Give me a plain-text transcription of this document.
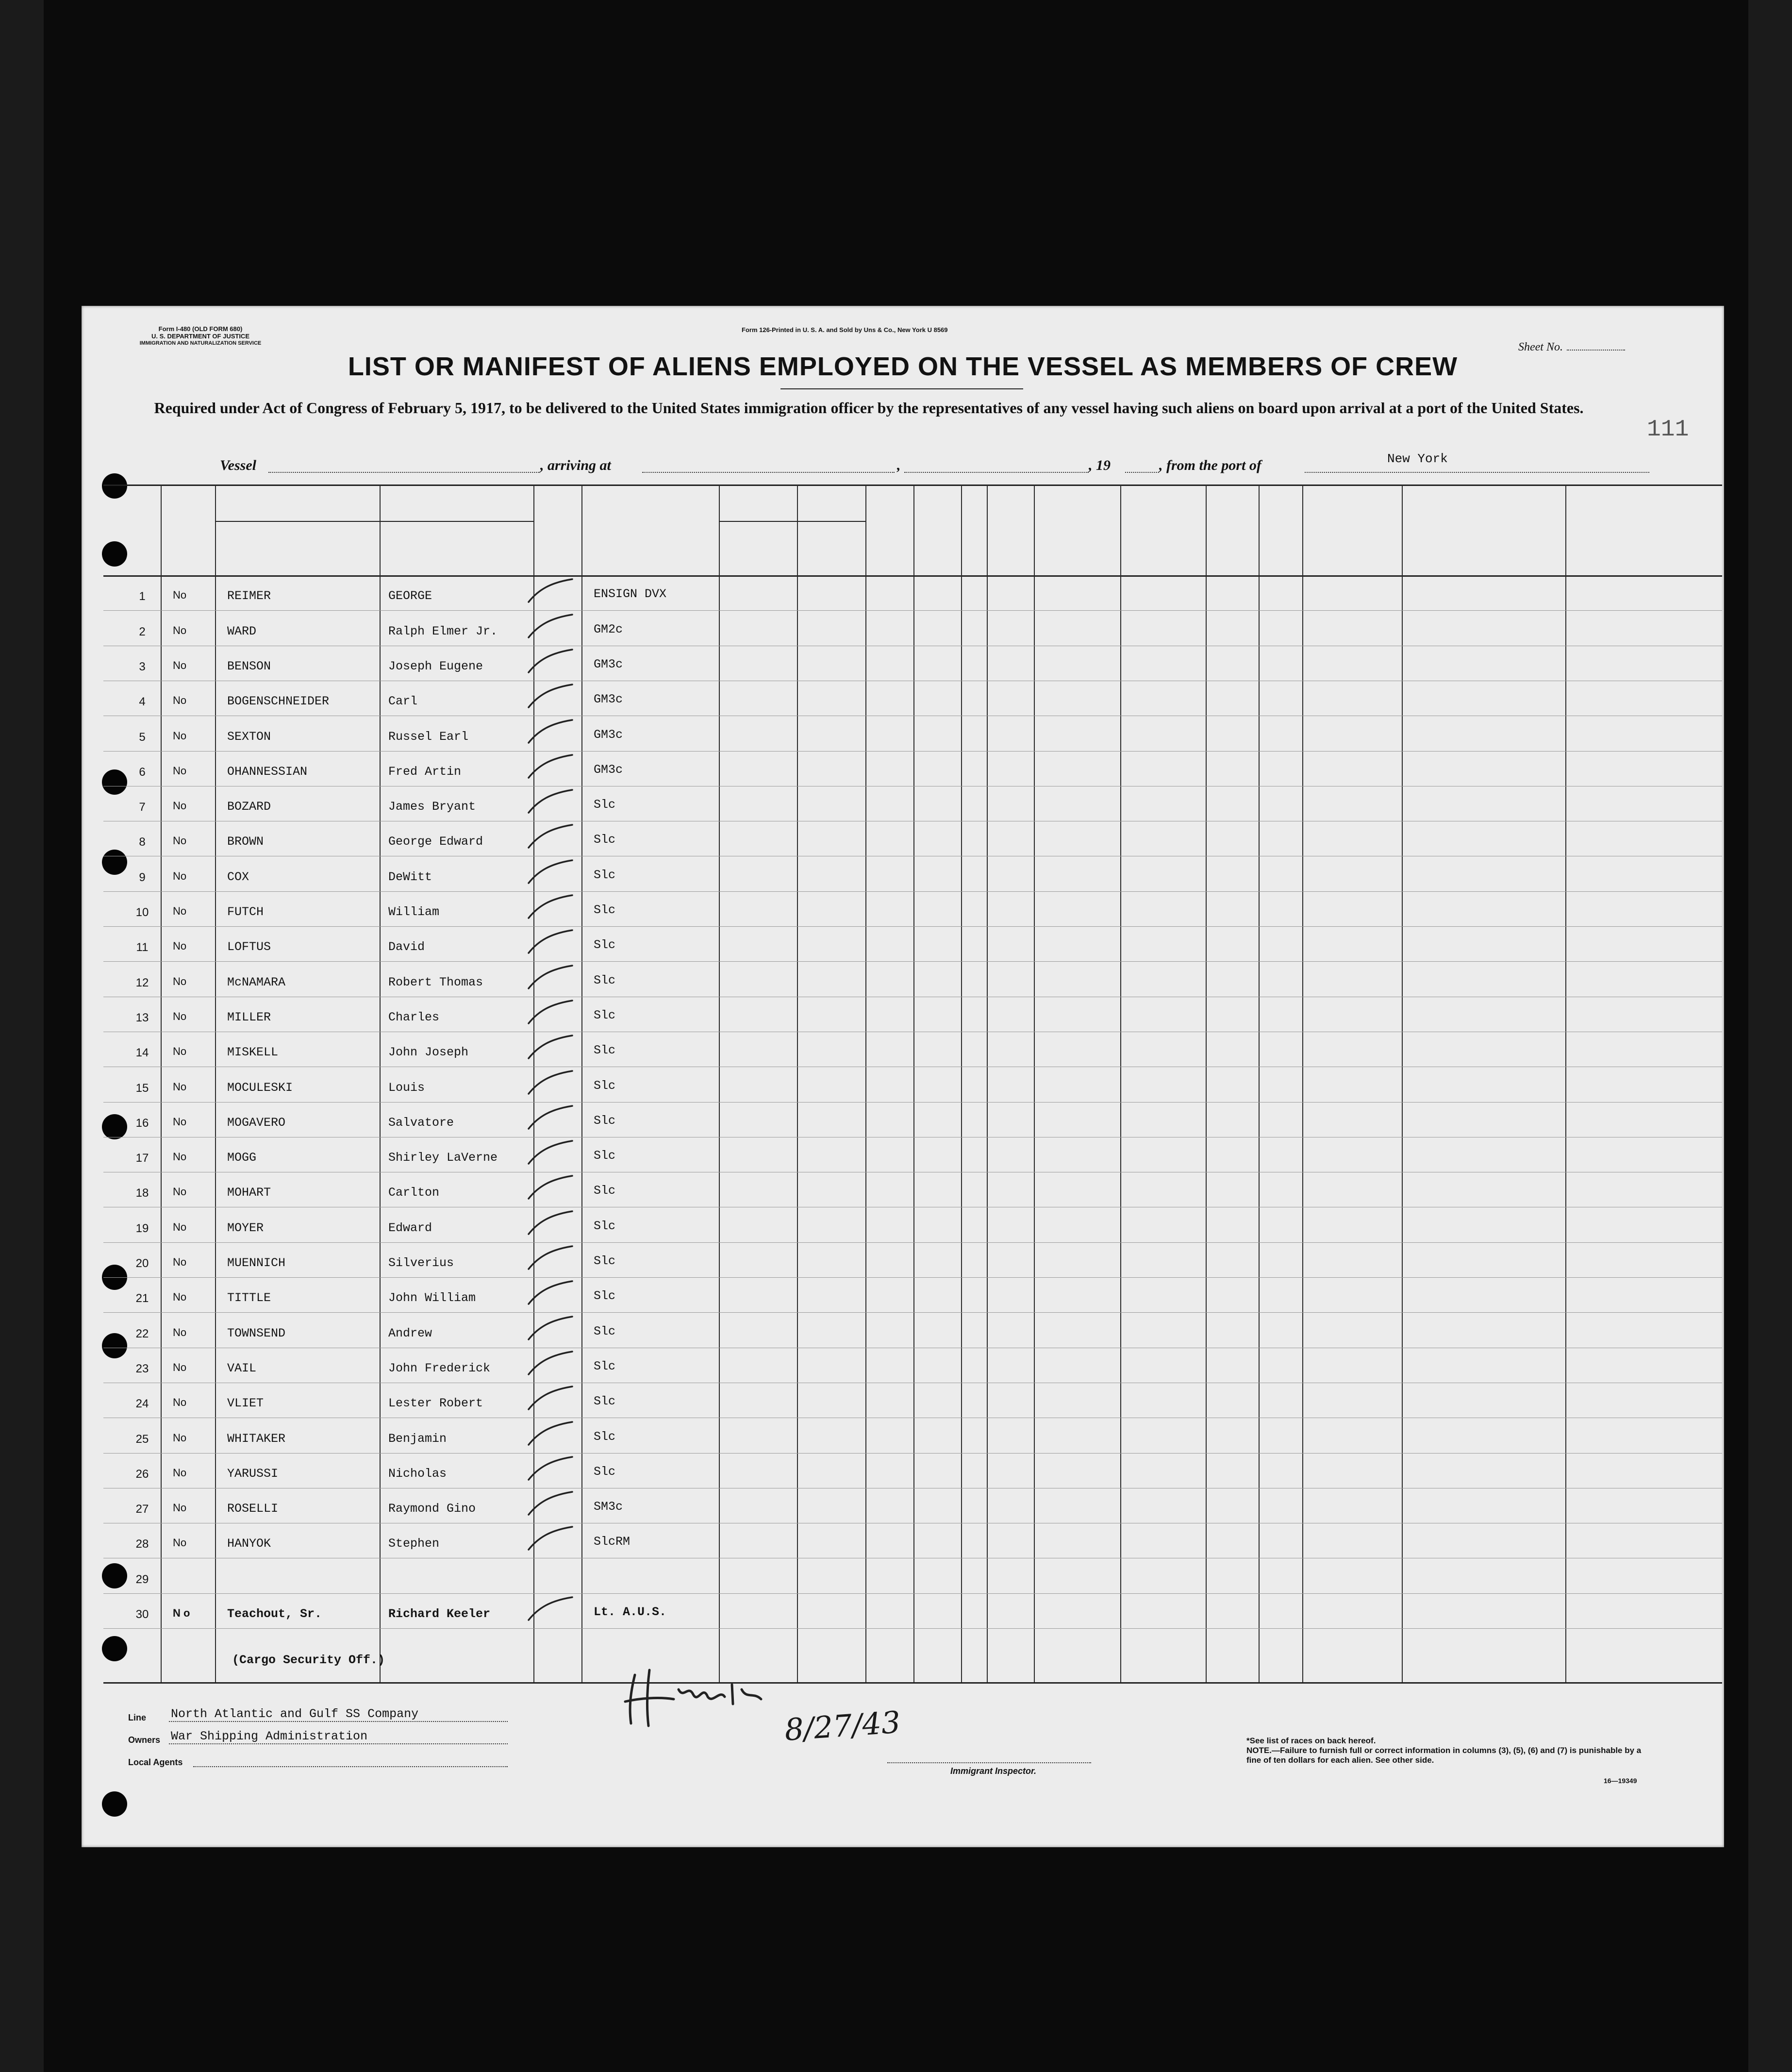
Form I-480 (OLD FORM 680)
U. S. DEPARTMENT OF JUSTICE
IMMIGRATION AND NATURALIZATION SERVICE
Form 126-Printed in U. S. A. and Sold by Uns & Co., New York U 8569
Sheet No.
LIST OR MANIFEST OF ALIENS EMPLOYED ON THE VESSEL AS MEMBERS OF CREW
Required under Act of Congress of February 5, 1917, to be delivered to the United States immigration officer by the representatives of any vessel having such aliens on board upon arrival at a port of the United States.
111
Vessel	, arriving at	,	, 19	, from the port of	New York
1	No	REIMER	GEORGE	ENSIGN DVX
2	No	WARD	Ralph Elmer Jr.	GM2c
3	No	BENSON	Joseph Eugene	GM3c
4	No	BOGENSCHNEIDER	Carl	GM3c
5	No	SEXTON	Russel Earl	GM3c
6	No	OHANNESSIAN	Fred Artin	GM3c
7	No	BOZARD	James Bryant	Slc
8	No	BROWN	George Edward	Slc
9	No	COX	DeWitt	Slc
10	No	FUTCH	William	Slc
11	No	LOFTUS	David	Slc
12	No	McNAMARA	Robert Thomas	Slc
13	No	MILLER	Charles	Slc
14	No	MISKELL	John Joseph	Slc
15	No	MOCULESKI	Louis	Slc
16	No	MOGAVERO	Salvatore	Slc
17	No	MOGG	Shirley LaVerne	Slc
18	No	MOHART	Carlton	Slc
19	No	MOYER	Edward	Slc
20	No	MUENNICH	Silverius	Slc
21	No	TITTLE	John William	Slc
22	No	TOWNSEND	Andrew	Slc
23	No	VAIL	John Frederick	Slc
24	No	VLIET	Lester Robert	Slc
25	No	WHITAKER	Benjamin	Slc
26	No	YARUSSI	Nicholas	Slc
27	No	ROSELLI	Raymond Gino	SM3c
28	No	HANYOK	Stephen	SlcRM
29
30	N o	Teachout, Sr.	Richard Keeler	Lt. A.U.S.
(Cargo Security Off.)
Line North Atlantic and Gulf SS Company
Owners War Shipping Administration
Local Agents
8/27/43
Immigrant Inspector.
*See list of races on back hereof.
NOTE.—Failure to furnish full or correct information in columns (3), (5), (6) and (7) is punishable by a fine of ten dollars for each alien. See other side.
16—19349
